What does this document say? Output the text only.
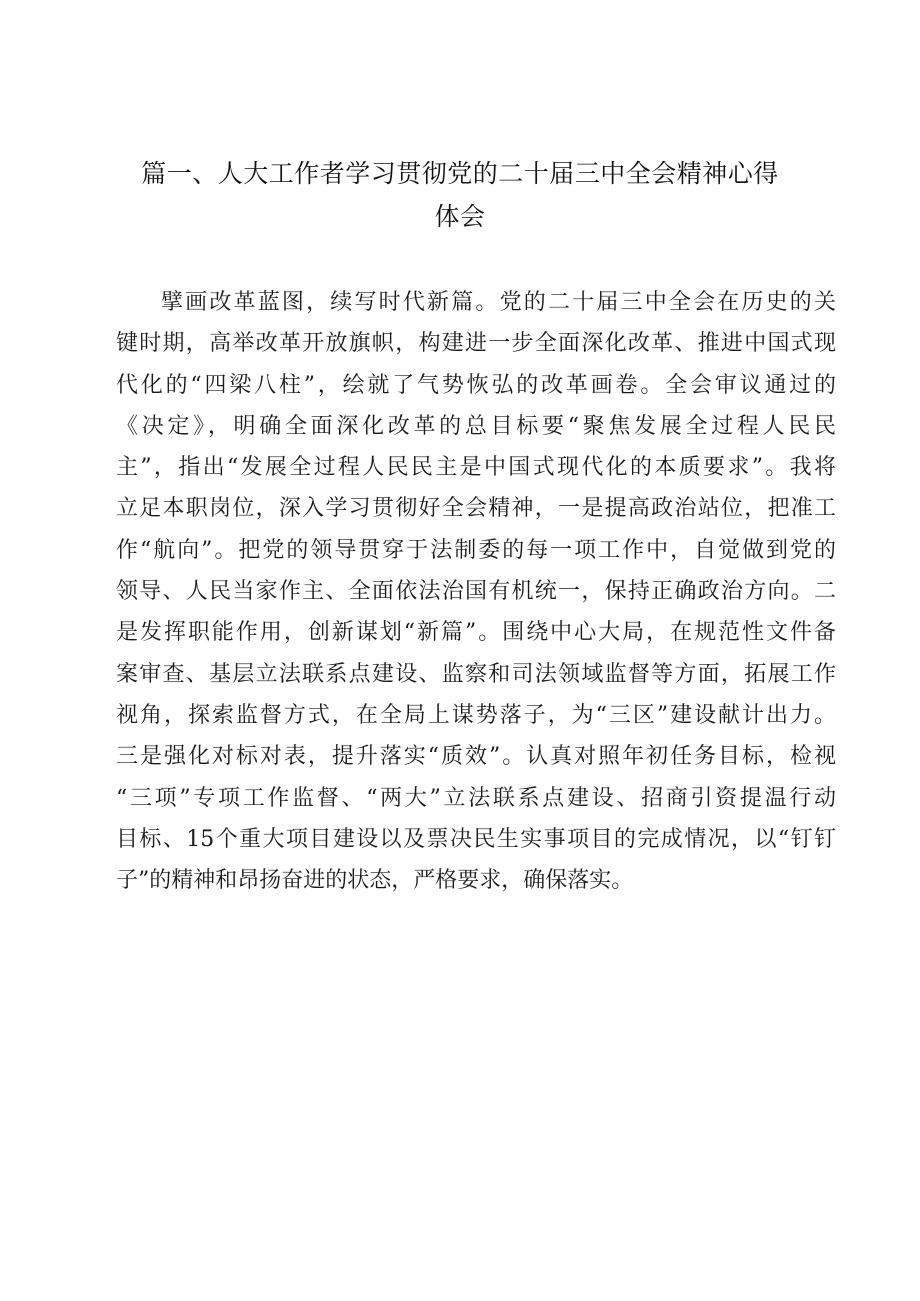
篇一、人大工作者学习贯彻党的二十届三中全会精神心得
体会
擘画改革蓝图，续写时代新篇。党的二十届三中全会在历史的关
键时期，高举改革开放旗帜，构建进一步全面深化改革、推进中国式现
代化的“四梁八柱”，绘就了气势恢弘的改革画卷。全会审议通过的
《决定》，明确全面深化改革的总目标要“聚焦发展全过程人民民
主”，指出“发展全过程人民民主是中国式现代化的本质要求”。我将
立足本职岗位，深入学习贯彻好全会精神，一是提高政治站位，把准工
作“航向”。把党的领导贯穿于法制委的每一项工作中，自觉做到党的
领导、人民当家作主、全面依法治国有机统一，保持正确政治方向。二
是发挥职能作用，创新谋划“新篇”。围绕中心大局，在规范性文件备
案审查、基层立法联系点建设、监察和司法领域监督等方面，拓展工作
视角，探索监督方式，在全局上谋势落子，为“三区”建设献计出力。
三是强化对标对表，提升落实“质效”。认真对照年初任务目标，检视
“三项”专项工作监督、“两大”立法联系点建设、招商引资提温行动
目标、15个重大项目建设以及票决民生实事项目的完成情况，以“钉钉
子”的精神和昂扬奋进的状态，严格要求，确保落实。
